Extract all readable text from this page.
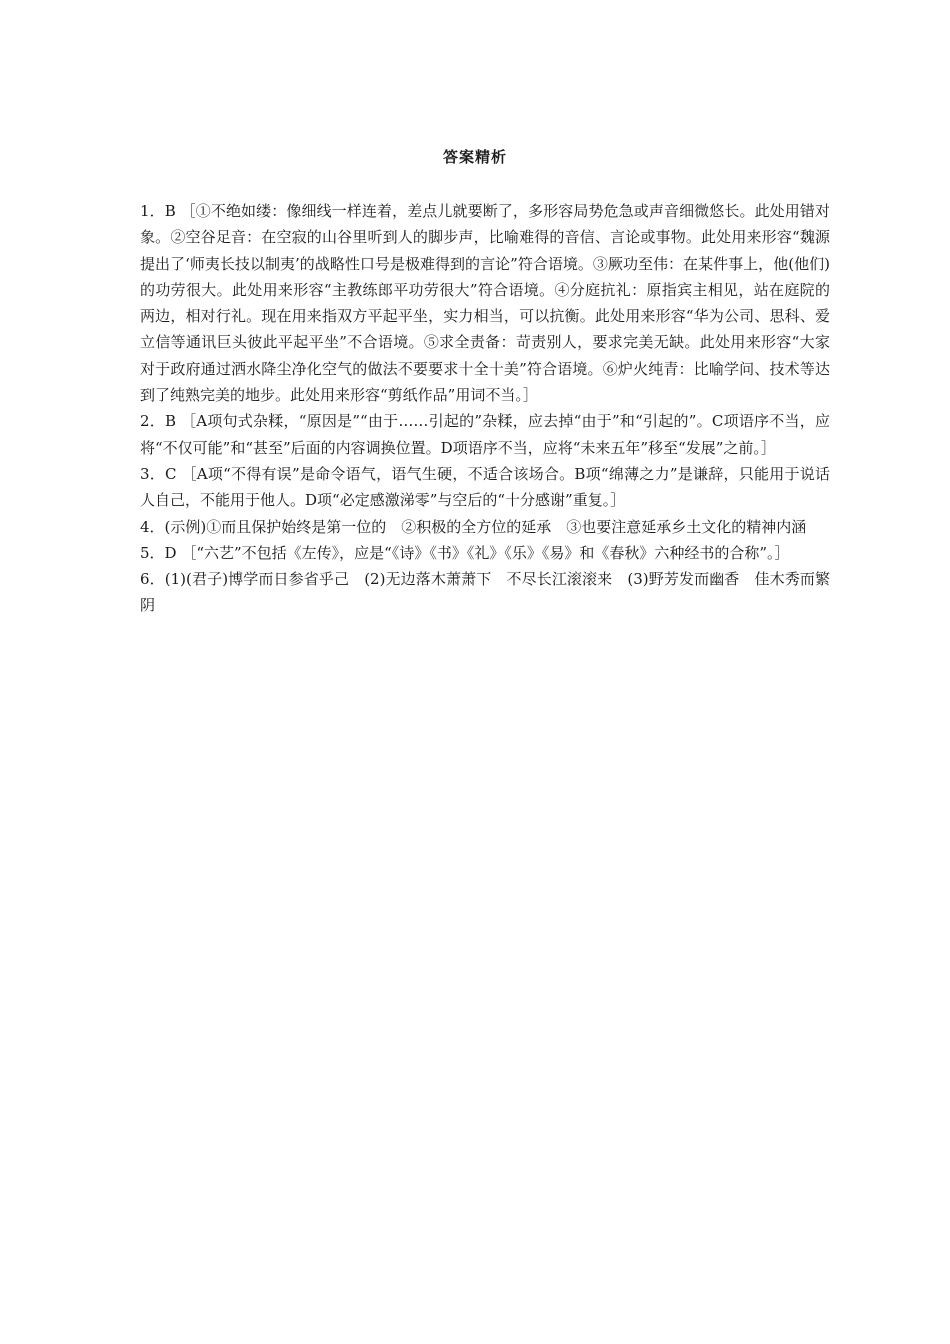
答案精析

1．B ［①不绝如缕：像细线一样连着，差点儿就要断了，多形容局势危急或声音细微悠长。此处用错对象。②空谷足音：在空寂的山谷里听到人的脚步声，比喻难得的音信、言论或事物。此处用来形容“魏源提出了‘师夷长技以制夷’的战略性口号是极难得到的言论”符合语境。③厥功至伟：在某件事上，他(他们)的功劳很大。此处用来形容“主教练郎平功劳很大”符合语境。④分庭抗礼：原指宾主相见，站在庭院的两边，相对行礼。现在用来指双方平起平坐，实力相当，可以抗衡。此处用来形容“华为公司、思科、爱立信等通讯巨头彼此平起平坐”不合语境。⑤求全责备：苛责别人，要求完美无缺。此处用来形容“大家对于政府通过洒水降尘净化空气的做法不要要求十全十美”符合语境。⑥炉火纯青：比喻学问、技术等达到了纯熟完美的地步。此处用来形容“剪纸作品”用词不当。］

2．B ［A项句式杂糅，“原因是”“由于……引起的”杂糅，应去掉“由于”和“引起的”。C项语序不当，应将“不仅可能”和“甚至”后面的内容调换位置。D项语序不当，应将“未来五年”移至“发展”之前。］

3．C ［A项“不得有误”是命令语气，语气生硬，不适合该场合。B项“绵薄之力”是谦辞，只能用于说话人自己，不能用于他人。D项“必定感激涕零”与空后的“十分感谢”重复。］

4．(示例)①而且保护始终是第一位的　②积极的全方位的延承　③也要注意延承乡土文化的精神内涵

5．D ［“六艺”不包括《左传》，应是“《诗》《书》《礼》《乐》《易》和《春秋》六种经书的合称”。］

6．(1)(君子)博学而日参省乎己　(2)无边落木萧萧下　不尽长江滚滚来　(3)野芳发而幽香　佳木秀而繁阴
